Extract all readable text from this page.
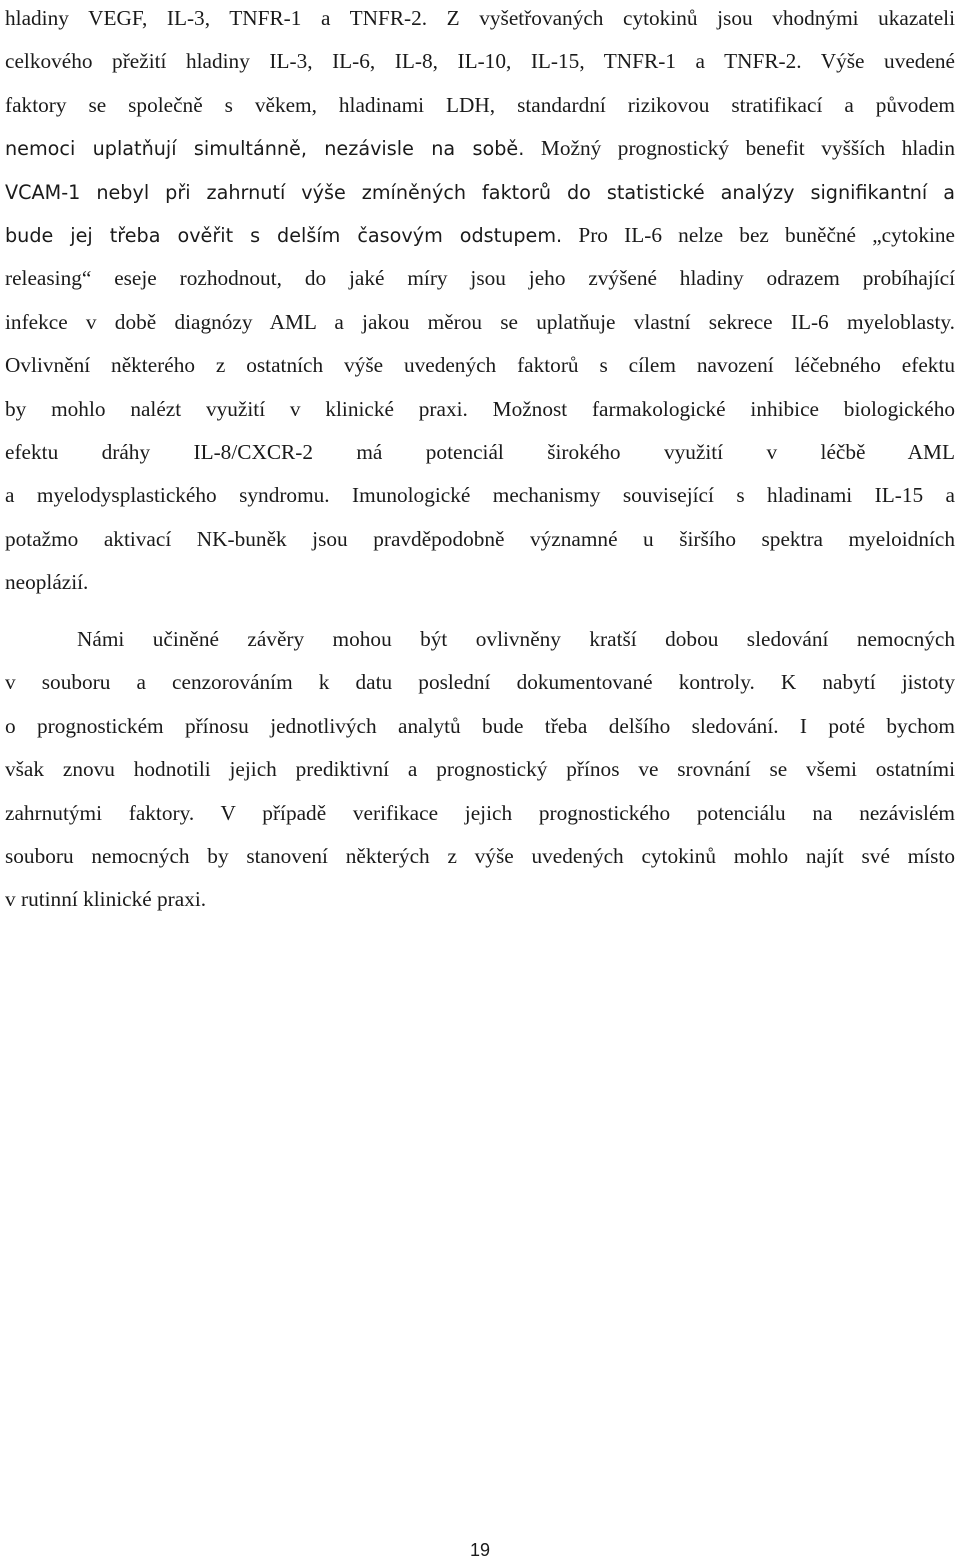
hladiny VEGF, IL-3, TNFR-1 a TNFR-2. Z vyšetřovaných cytokinů jsou vhodnými ukazateli
celkového přežití hladiny IL-3, IL-6, IL-8, IL-10, IL-15, TNFR-1 a TNFR-2. Výše uvedené
faktory se společně s věkem, hladinami LDH, standardní rizikovou stratifikací a původem
nemoci uplatňují simultánně, nezávisle na sobě. Možný prognostický benefit vyšších hladin
VCAM-1 nebyl při zahrnutí výše zmíněných faktorů do statistické analýzy signifikantní a
bude jej třeba ověřit s delším časovým odstupem. Pro IL-6 nelze bez buněčné „cytokine
releasing“ eseje rozhodnout, do jaké míry jsou jeho zvýšené hladiny odrazem probíhající
infekce v době diagnózy AML a jakou měrou se uplatňuje vlastní sekrece IL-6 myeloblasty.
Ovlivnění některého z ostatních výše uvedených faktorů s cílem navození léčebného efektu
by mohlo nalézt využití v klinické praxi. Možnost farmakologické inhibice biologického
efektu dráhy IL-8/CXCR-2 má potenciál širokého využití v léčbě AML
a myelodysplastického syndromu. Imunologické mechanismy související s hladinami IL-15 a
potažmo aktivací NK-buněk jsou pravděpodobně významné u širšího spektra myeloidních
neoplázií.
Námi učiněné závěry mohou být ovlivněny kratší dobou sledování nemocných
v souboru a cenzorováním k datu poslední dokumentované kontroly. K nabytí jistoty
o prognostickém přínosu jednotlivých analytů bude třeba delšího sledování. I poté bychom
však znovu hodnotili jejich prediktivní a prognostický přínos ve srovnání se všemi ostatními
zahrnutými faktory. V případě verifikace jejich prognostického potenciálu na nezávislém
souboru nemocných by stanovení některých z výše uvedených cytokinů mohlo najít své místo
v rutinní klinické praxi.
19
